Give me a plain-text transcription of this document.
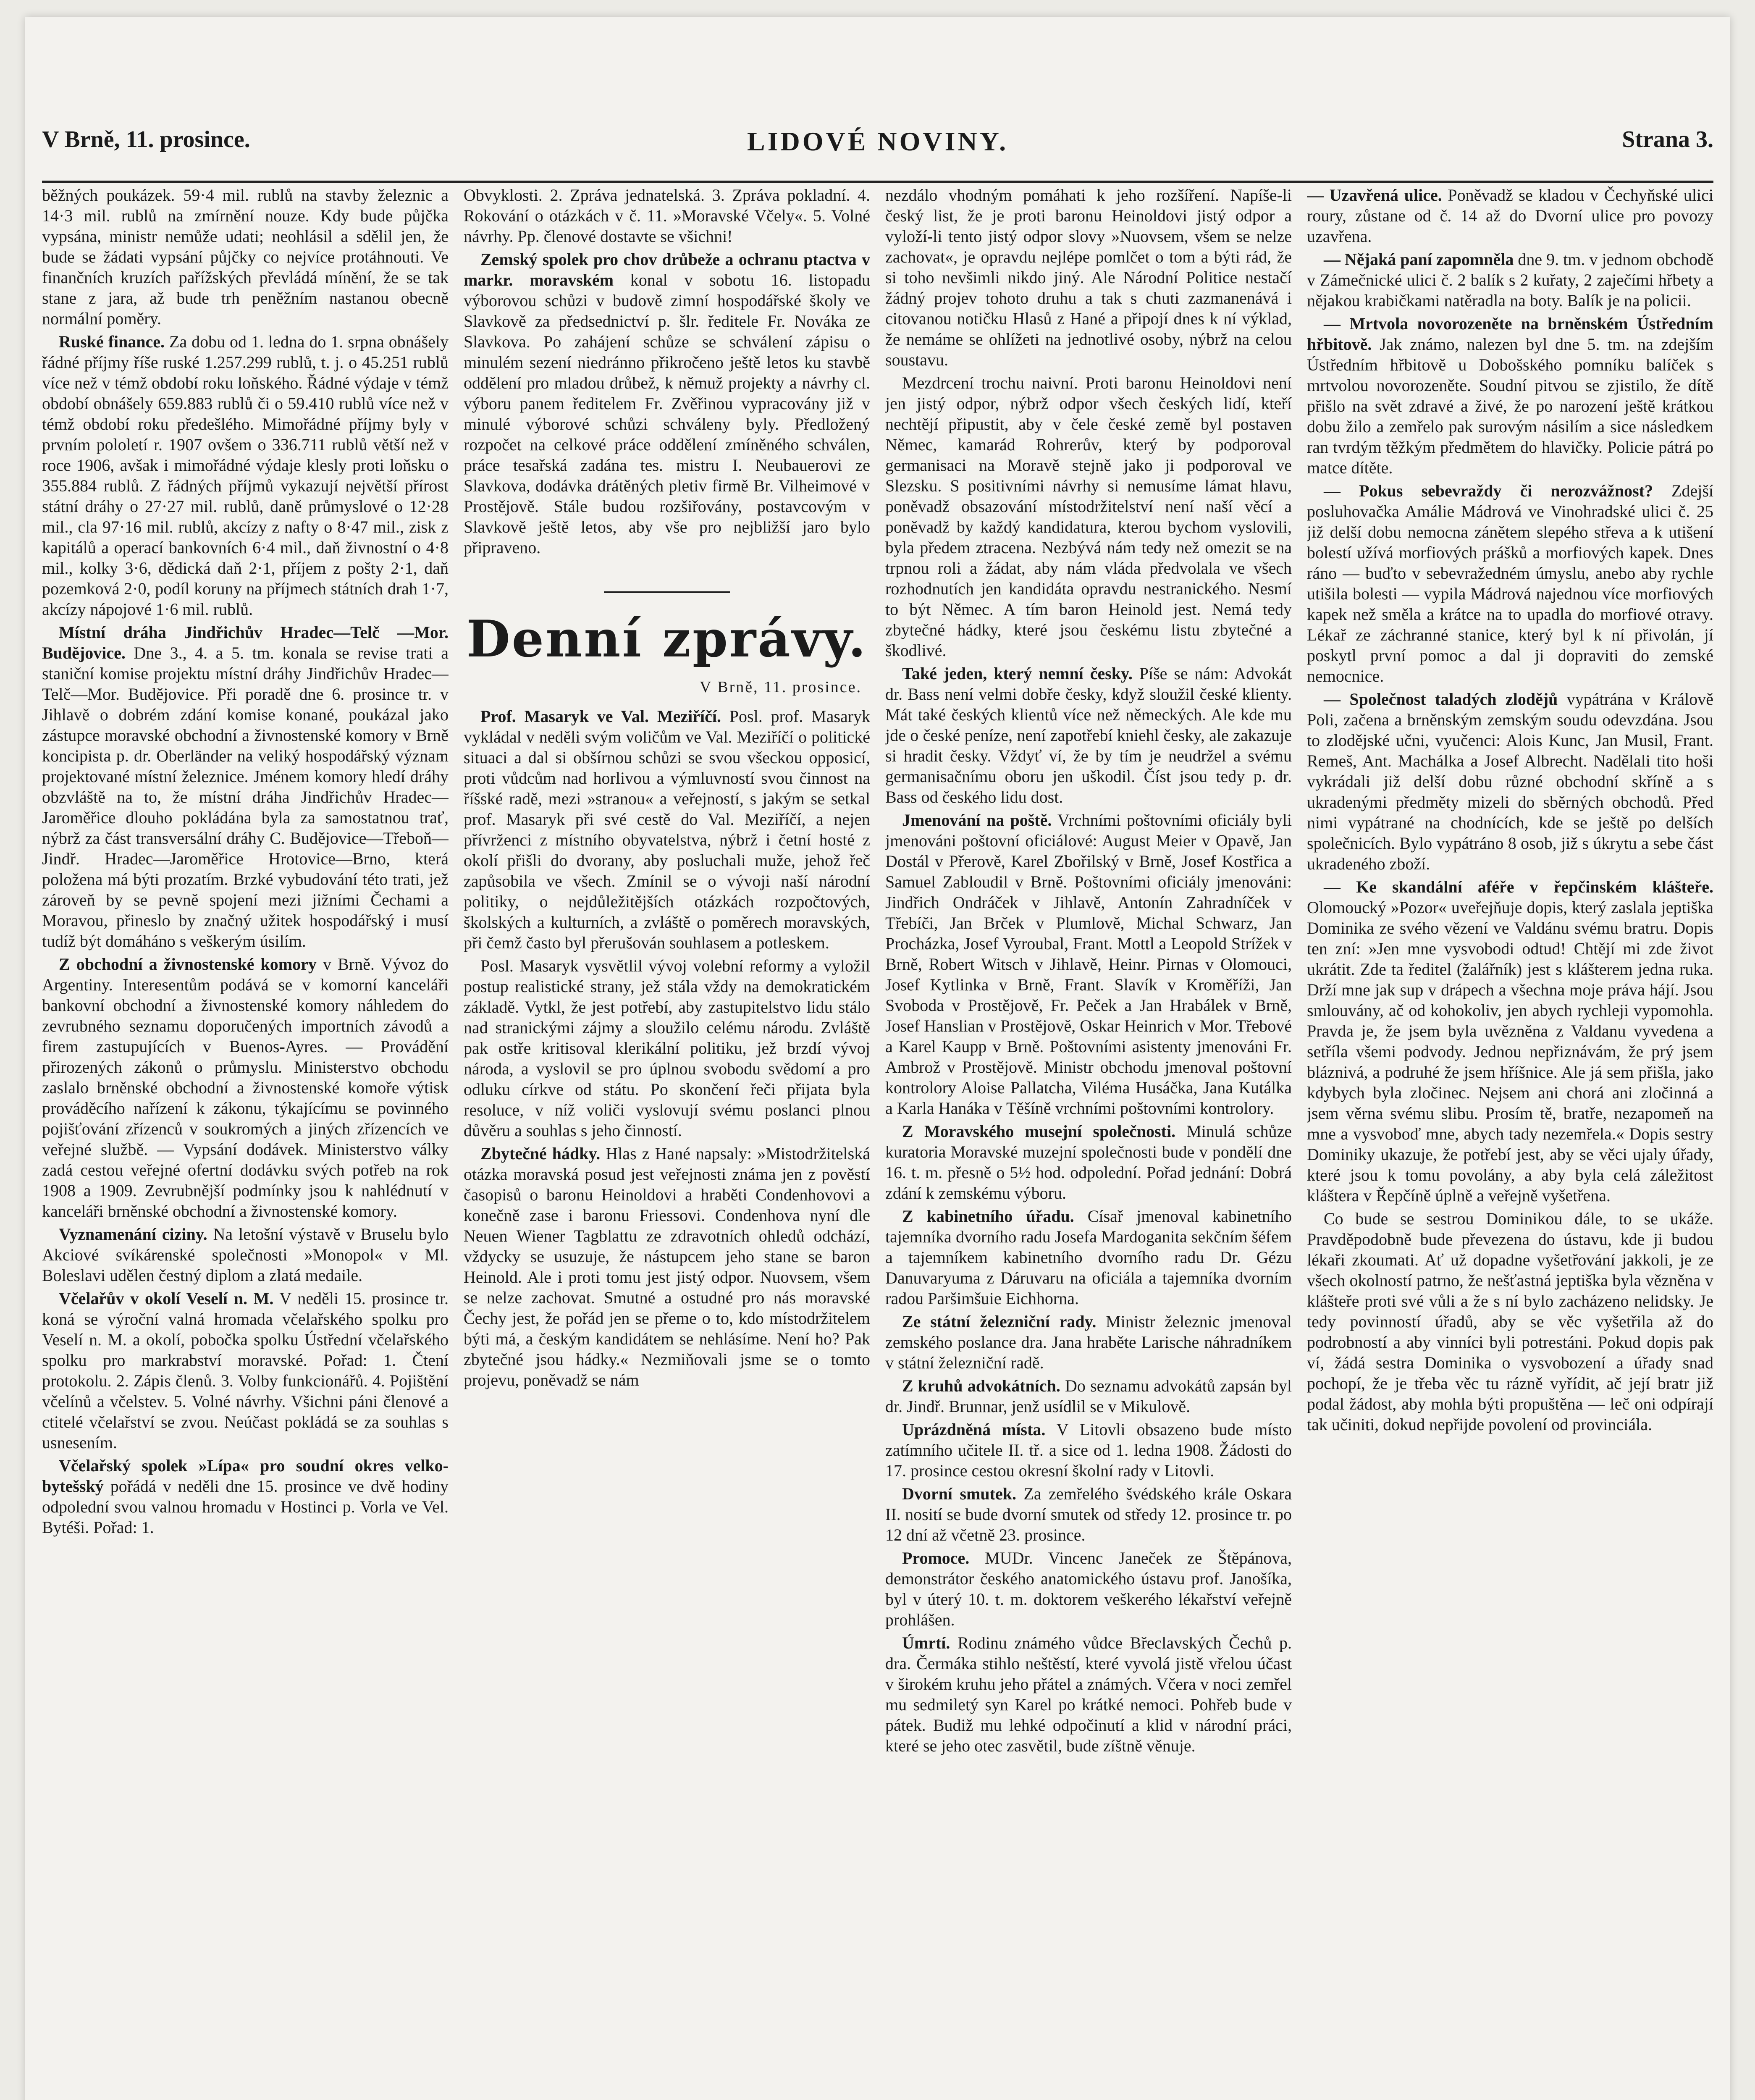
V Brně, 11. prosince.	LIDOVÉ NOVINY.	Strana 3.

běžných poukázek. 59·4 mil. rublů na stavby železnic a 14·3 mil. rublů na zmírnění nouze. Kdy bude půjčka vypsána, ministr nemůže udati; neohlásil a sdělil jen, že bude se žádati vypsání půjčky co nejvíce protáhnouti. Ve finančních kruzích pařížských převládá mínění, že se tak stane z jara, až bude trh peněžním nastanou obecně normální poměry.

Ruské finance. Za dobu od 1. ledna do 1. srpna obnášely řádné příjmy říše ruské 1.257.299 rublů, t. j. o 45.251 rublů více než v témž období roku loňského. Řádné výdaje v témž období obnášely 659.883 rublů či o 59.410 rublů více než v témž období roku předešlého. Mimořádné příjmy byly v prvním pololetí r. 1907 ovšem o 336.711 rublů větší než v roce 1906, avšak i mimořádné výdaje klesly proti loňsku o 355.884 rublů. Z řádných příjmů vykazují největší přírost státní dráhy o 27·27 mil. rublů, daně průmyslové o 12·28 mil., cla 97·16 mil. rublů, akcízy z nafty o 8·47 mil., zisk z kapitálů a operací bankovních 6·4 mil., daň živnostní o 4·8 mil., kolky 3·6, dědická daň 2·1, příjem z pošty 2·1, daň pozemková 2·0, podíl koruny na příjmech státních drah 1·7, akcízy nápojové 1·6 mil. rublů.

Místní dráha Jindřichův Hradec—Telč —Mor. Budějovice. Dne 3., 4. a 5. tm. konala se revise trati a staniční komise projektu místní dráhy Jindřichův Hradec—Telč—Mor. Budějovice. Při poradě dne 6. prosince tr. v Jihlavě o dobrém zdání komise konané, poukázal jako zástupce moravské obchodní a živnostenské komory v Brně koncipista p. dr. Oberländer na veliký hospodářský význam projektované místní železnice. Jménem komory hledí dráhy obzvláště na to, že místní dráha Jindřichův Hradec—Jaroměřice dlouho pokládána byla za samostatnou trať, nýbrž za část transversální dráhy C. Budějovice—Třeboň—Jindř. Hradec—Jaroměřice Hrotovice—Brno, která položena má býti prozatím. Brzké vybudování této trati, jež zároveň by se pevně spojení mezi jižními Čechami a Moravou, přineslo by značný užitek hospodářský i musí tudíž být domáháno s veškerým úsilím.

Z obchodní a živnostenské komory v Brně. Vývoz do Argentiny. Interesentům podává se v komorní kanceláři bankovní obchodní a živnostenské komory náhledem do zevrubného seznamu doporučených importních závodů a firem zastupujících v Buenos-Ayres. — Provádění přirozených zákonů o průmyslu. Ministerstvo obchodu zaslalo brněnské obchodní a živnostenské komoře výtisk prováděcího nařízení k zákonu, týkajícímu se povinného pojišťování zřízenců v soukromých a jiných zřízencích ve veřejné službě. — Vypsání dodávek. Ministerstvo války zadá cestou veřejné ofertní dodávku svých potřeb na rok 1908 a 1909. Zevrubnější podmínky jsou k nahlédnutí v kanceláři brněnské obchodní a živnostenské komory.

Vyznamenání ciziny. Na letošní výstavě v Bruselu bylo Akciové svíkárenské společnosti »Monopol« v Ml. Boleslavi udělen čestný diplom a zlatá medaile.

Včelařův v okolí Veselí n. M. V neděli 15. prosince tr. koná se výroční valná hromada včelařského spolku pro Veselí n. M. a okolí, pobočka spolku Ústřední včelařského spolku pro markrabství moravské. Pořad: 1. Čtení protokolu. 2. Zápis členů. 3. Volby funkcionářů. 4. Pojištění včelínů a včelstev. 5. Volné návrhy. Všichni páni členové a ctitelé včelařství se zvou. Neúčast pokládá se za souhlas s usnesením.

Včelařský spolek »Lípa« pro soudní okres velko-bytešský pořádá v neděli dne 15. prosince ve dvě hodiny odpolední svou valnou hromadu v Hostinci p. Vorla ve Vel. Bytéši. Pořad: 1.

Obvyklosti. 2. Zpráva jednatelská. 3. Zpráva pokladní. 4. Rokování o otázkách v č. 11. »Moravské Včely«. 5. Volné návrhy. Pp. členové dostavte se všichni!

Zemský spolek pro chov drůbeže a ochranu ptactva v markr. moravském konal v sobotu 16. listopadu výborovou schůzi v budově zimní hospodářské školy ve Slavkově za předsednictví p. šlr. ředitele Fr. Nováka ze Slavkova. Po zahájení schůze se schválení zápisu o minulém sezení niedránno přikročeno ještě letos ku stavbě oddělení pro mladou drůbež, k němuž projekty a návrhy cl. výboru panem ředitelem Fr. Zvěřinou vypracovány již v minulé výborové schůzi schváleny byly. Předložený rozpočet na celkové práce oddělení zmíněného schválen, práce tesařská zadána tes. mistru I. Neubauerovi ze Slavkova, dodávka drátěných pletiv firmě Br. Vilheimové v Prostějově. Stále budou rozšiřovány, postavcovým v Slavkově ještě letos, aby vše pro nejbližší jaro bylo připraveno.

Denní zprávy.
V Brně, 11. prosince.

Prof. Masaryk ve Val. Meziříčí. Posl. prof. Masaryk vykládal v neděli svým voličům ve Val. Meziříčí o politické situaci a dal si obšírnou schůzi se svou všeckou opposicí, proti vůdcům nad horlivou a výmluvností svou činnost na říšské radě, mezi »stranou« a veřejností, s jakým se setkal prof. Masaryk při své cestě do Val. Meziříčí, a nejen přívrženci z místního obyvatelstva, nýbrž i četní hosté z okolí přišli do dvorany, aby posluchali muže, jehož řeč zapůsobila ve všech. Zmínil se o vývoji naší národní politiky, o nejdůležitějších otázkách rozpočtových, školských a kulturních, a zvláště o poměrech moravských, při čemž často byl přerušován souhlasem a potleskem.

Posl. Masaryk vysvětlil vývoj volební reformy a vyložil postup realistické strany, jež stála vždy na demokratickém základě. Vytkl, že jest potřebí, aby zastupitelstvo lidu stálo nad stranickými zájmy a sloužilo celému národu. Zvláště pak ostře kritisoval klerikální politiku, jež brzdí vývoj národa, a vyslovil se pro úplnou svobodu svědomí a pro odluku církve od státu. Po skončení řeči přijata byla resoluce, v níž voliči vyslovují svému poslanci plnou důvěru a souhlas s jeho činností.

Zbytečné hádky. Hlas z Hané napsaly: »Mistodržitelská otázka moravská posud jest veřejnosti známa jen z pověstí časopisů o baronu Heinoldovi a hraběti Condenhovovi a konečně zase i baronu Friessovi. Condenhova nyní dle Neuen Wiener Tagblattu ze zdravotních ohledů odchází, vždycky se usuzuje, že nástupcem jeho stane se baron Heinold. Ale i proti tomu jest jistý odpor. Nuovsem, všem se nelze zachovat. Smutné a ostudné pro nás moravské Čechy jest, že pořád jen se přeme o to, kdo místodržitelem býti má, a českým kandidátem se nehlásíme. Není ho? Pak zbytečné jsou hádky.« Nezmiňovali jsme se o tomto projevu, poněvadž se nám

nezdálo vhodným pomáhati k jeho rozšíření. Napíše-li český list, že je proti baronu Heinoldovi jistý odpor a vyloží-li tento jistý odpor slovy »Nuovsem, všem se nelze zachovat«, je opravdu nejlépe pomlčet o tom a býti rád, že si toho nevšimli nikdo jiný. Ale Národní Politice nestačí žádný projev tohoto druhu a tak s chuti zazmanenává i citovanou notičku Hlasů z Hané a připojí dnes k ní výklad, že nemáme se ohlížeti na jednotlivé osoby, nýbrž na celou soustavu.

Mezdrcení trochu naivní. Proti baronu Heinoldovi není jen jistý odpor, nýbrž odpor všech českých lidí, kteří nechtějí připustit, aby v čele české země byl postaven Němec, kamarád Rohrerův, který by podporoval germanisaci na Moravě stejně jako ji podporoval ve Slezsku. S positivními návrhy si nemusíme lámat hlavu, poněvadž obsazování místodržitelství není naší věcí a poněvadž by každý kandidatura, kterou bychom vyslovili, byla předem ztracena. Nezbývá nám tedy než omezit se na trpnou roli a žádat, aby nám vláda předvolala ve všech rozhodnutích jen kandidáta opravdu nestranického. Nesmí to být Němec. A tím baron Heinold jest. Nemá tedy zbytečné hádky, které jsou českému listu zbytečné a škodlivé.

Také jeden, který nemní česky. Píše se nám: Advokát dr. Bass není velmi dobře česky, když sloužil české klienty. Mát také českých klientů více než německých. Ale kde mu jde o české peníze, není zapotřebí kniehl česky, ale zakazuje si hradit česky. Vždyť ví, že by tím je neudržel a svému germanisačnímu oboru jen uškodil. Číst jsou tedy p. dr. Bass od českého lidu dost.

Jmenování na poště. Vrchními poštovními oficiály byli jmenováni poštovní oficiálové: August Meier v Opavě, Jan Dostál v Přerově, Karel Zbořilský v Brně, Josef Kostřica a Samuel Zabloudil v Brně. Poštovními oficiály jmenováni: Jindřich Ondráček v Jihlavě, Antonín Zahradníček v Třebíči, Jan Brček v Plumlově, Michal Schwarz, Jan Procházka, Josef Vyroubal, Frant. Mottl a Leopold Strížek v Brně, Robert Witsch v Jihlavě, Heinr. Pirnas v Olomouci, Josef Kytlinka v Brně, Frant. Slavík v Kroměříži, Jan Svoboda v Prostějově, Fr. Peček a Jan Hrabálek v Brně, Josef Hanslian v Prostějově, Oskar Heinrich v Mor. Třebové a Karel Kaupp v Brně. Poštovními asistenty jmenováni Fr. Ambrož v Prostějově. Ministr obchodu jmenoval poštovní kontrolory Aloise Pallatcha, Viléma Husáčka, Jana Kutálka a Karla Hanáka v Těšíně vrchními poštovními kontrolory.

Z Moravského musejní společnosti. Minulá schůze kuratoria Moravské muzejní společnosti bude v pondělí dne 16. t. m. přesně o 5½ hod. odpolední. Pořad jednání: Dobrá zdání k zemskému výboru.

Z kabinetního úřadu. Císař jmenoval kabinetního tajemníka dvorního radu Josefa Mardoganita sekčním šéfem a tajemníkem kabinetního dvorního radu Dr. Gézu Danuvaryuma z Dáruvaru na oficiála a tajemníka dvorním radou Paršimšuie Eichhorna.

Ze státní železniční rady. Ministr železnic jmenoval zemského poslance dra. Jana hraběte Larische náhradníkem v státní železniční radě.

Z kruhů advokátních. Do seznamu advokátů zapsán byl dr. Jindř. Brunnar, jenž usídlil se v Mikulově.

Uprázdněná místa. V Litovli obsazeno bude místo zatímního učitele II. tř. a sice od 1. ledna 1908. Žádosti do 17. prosince cestou okresní školní rady v Litovli.

Dvorní smutek. Za zemřelého švédského krále Oskara II. nosití se bude dvorní smutek od středy 12. prosince tr. po 12 dní až včetně 23. prosince.

Promoce. MUDr. Vincenc Janeček ze Štěpánova, demonstrátor českého anatomického ústavu prof. Janošíka, byl v úterý 10. t. m. doktorem veškerého lékařství veřejně prohlášen.

Úmrtí. Rodinu známého vůdce Břeclavských Čechů p. dra. Čermáka stihlo neštěstí, které vyvolá jistě vřelou účast v širokém kruhu jeho přátel a známých. Včera v noci zemřel mu sedmiletý syn Karel po krátké nemoci. Pohřeb bude v pátek. Budiž mu lehké odpočinutí a klid v národní práci, které se jeho otec zasvětil, bude zíštně věnuje.

— Uzavřená ulice. Poněvadž se kladou v Čechyňské ulici roury, zůstane od č. 14 až do Dvorní ulice pro povozy uzavřena.

— Nějaká paní zapomněla dne 9. tm. v jednom obchodě v Zámečnické ulici č. 2 balík s 2 kuřaty, 2 zaječími hřbety a nějakou krabičkami natěradla na boty. Balík je na policii.

— Mrtvola novorozeněte na brněnském Ústředním hřbitově. Jak známo, nalezen byl dne 5. tm. na zdejším Ústředním hřbitově u Dobošského pomníku balíček s mrtvolou novorozeněte. Soudní pitvou se zjistilo, že dítě přišlo na svět zdravé a živé, že po narození ještě krátkou dobu žilo a zemřelo pak surovým násilím a sice následkem ran tvrdým těžkým předmětem do hlavičky. Policie pátrá po matce dítěte.

— Pokus sebevraždy či nerozvážnost? Zdejší posluhovačka Amálie Mádrová ve Vinohradské ulici č. 25 již delší dobu nemocna zánětem slepého střeva a k utišení bolestí užívá morfiových prášků a morfiových kapek. Dnes ráno — buďto v sebevražedném úmyslu, anebo aby rychle utišila bolesti — vypila Mádrová najednou více morfiových kapek než směla a krátce na to upadla do morfiové otravy. Lékař ze záchranné stanice, který byl k ní přivolán, jí poskytl první pomoc a dal ji dopraviti do zemské nemocnice.

— Společnost taladých zlodějů vypátrána v Králově Poli, začena a brněnským zemským soudu odevzdána. Jsou to zlodějské učni, vyučenci: Alois Kunc, Jan Musil, Frant. Remeš, Ant. Machálka a Josef Albrecht. Nadělali tito hoši vykrádali již delší dobu různé obchodní skříně a s ukradenými předměty mizeli do sběrných obchodů. Před nimi vypátrané na chodnících, kde se ještě po delších společnicích. Bylo vypátráno 8 osob, již s úkrytu a sebe část ukradeného zboží.

— Ke skandální aféře v řepčinském klášteře. Olomoucký »Pozor« uveřejňuje dopis, který zaslala jeptiška Dominika ze svého vězení ve Valdánu svému bratru. Dopis ten zní: »Jen mne vysvobodi odtud! Chtějí mi zde život ukrátit. Zde ta ředitel (žalářník) jest s klášterem jedna ruka. Drží mne jak sup v drápech a všechna moje práva hájí. Jsou smlouvány, ač od kohokoliv, jen abych rychleji vypomohla. Pravda je, že jsem byla uvězněna z Valdanu vyvedena a setříla všemi podvody. Jednou nepřiznávám, že prý jsem bláznivá, a podruhé že jsem hříšnice. Ale já sem přišla, jako kdybych byla zločinec. Nejsem ani chorá ani zločinná a jsem věrna svému slibu. Prosím tě, bratře, nezapomeň na mne a vysvoboď mne, abych tady nezemřela.« Dopis sestry Dominiky ukazuje, že potřebí jest, aby se věci ujaly úřady, které jsou k tomu povolány, a aby byla celá záležitost kláštera v Řepčíně úplně a veřejně vyšetřena.

Co bude se sestrou Dominikou dále, to se ukáže. Pravděpodobně bude převezena do ústavu, kde ji budou lékaři zkoumati. Ať už dopadne vyšetřování jakkoli, je ze všech okolností patrno, že nešťastná jeptiška byla vězněna v klášteře proti své vůli a že s ní bylo zacházeno nelidsky. Je tedy povinností úřadů, aby se věc vyšetřila až do podrobností a aby vinníci byli potrestáni. Pokud dopis pak ví, žádá sestra Dominika o vysvobození a úřady snad pochopí, že je třeba věc tu rázně vyřídit, ač její bratr již podal žádost, aby mohla býti propuštěna — leč oni odpírají tak učiniti, dokud nepřijde povolení od provinciála.
